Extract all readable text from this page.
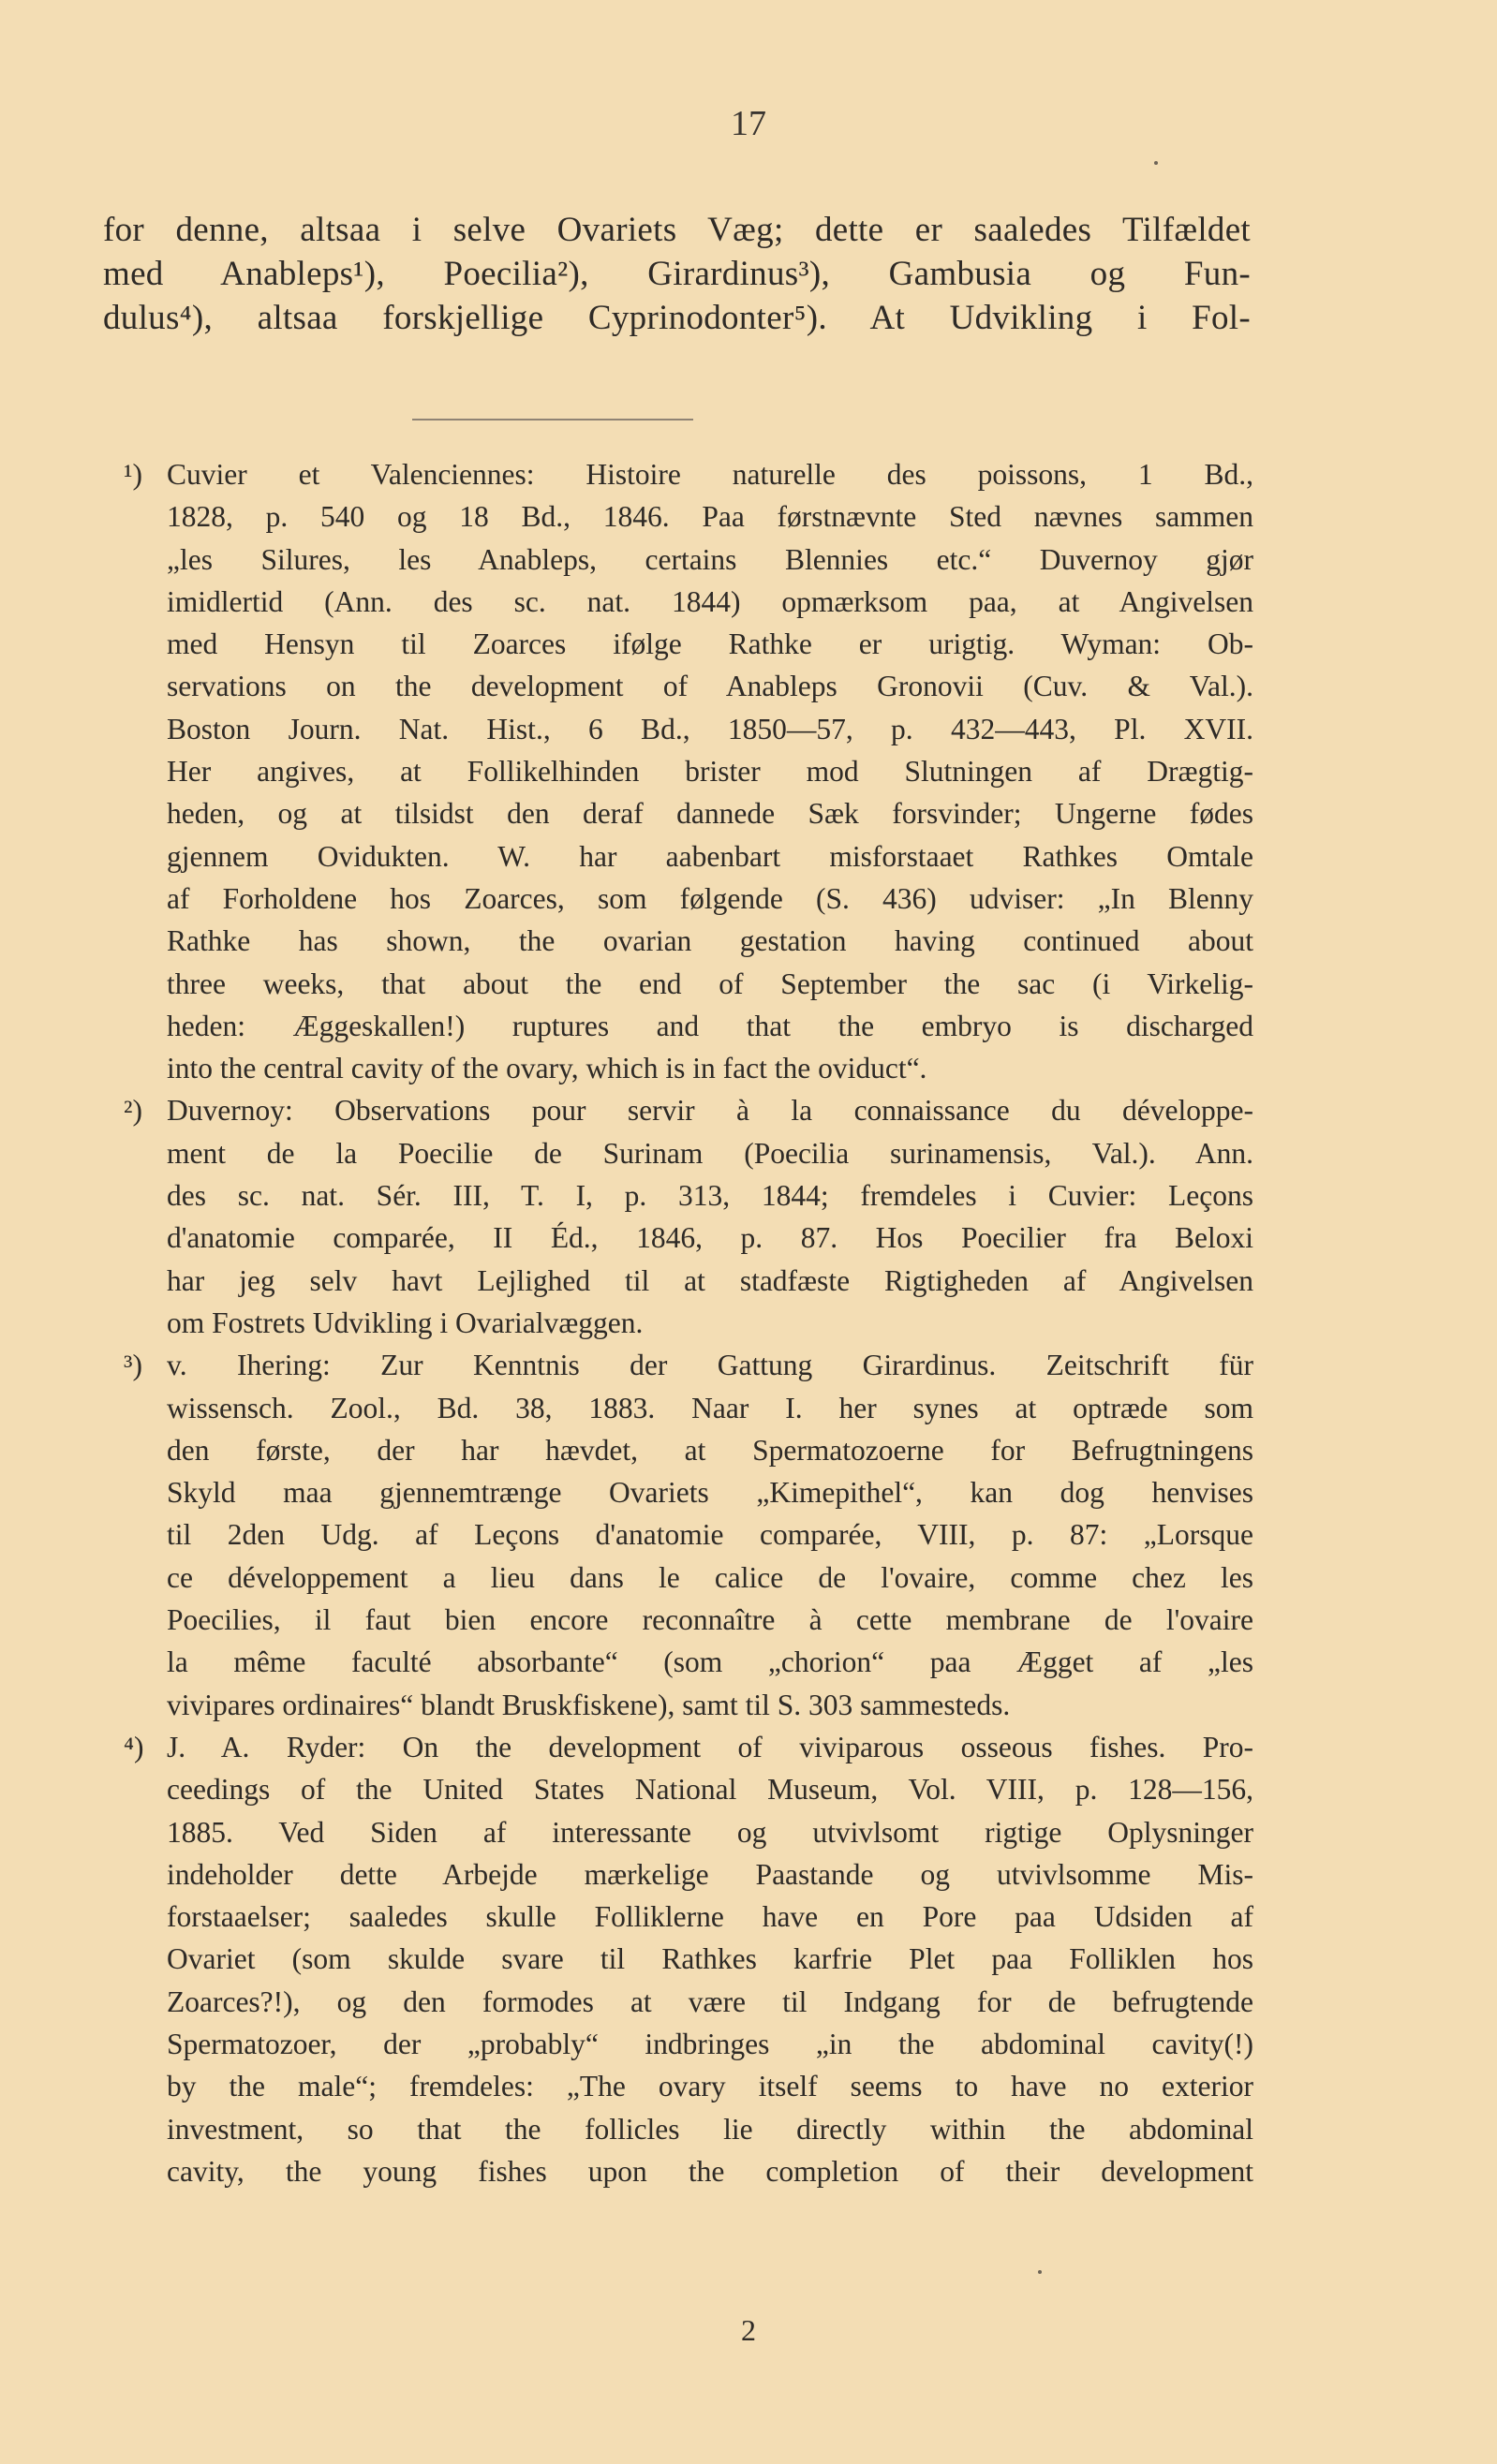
17
for denne, altsaa i selve Ovariets Væg; dette er saaledes Tilfældet
med Anableps¹), Poecilia²), Girardinus³), Gambusia og Fun-
dulus⁴), altsaa forskjellige Cyprinodonter⁵). At Udvikling i Fol-
¹) Cuvier et Valenciennes: Histoire naturelle des poissons, 1 Bd.,
1828, p. 540 og 18 Bd., 1846. Paa førstnævnte Sted nævnes sammen
„les Silures, les Anableps, certains Blennies etc.“ Duvernoy gjør
imidlertid (Ann. des sc. nat. 1844) opmærksom paa, at Angivelsen
med Hensyn til Zoarces ifølge Rathke er urigtig. Wyman: Ob-
servations on the development of Anableps Gronovii (Cuv. & Val.).
Boston Journ. Nat. Hist., 6 Bd., 1850—57, p. 432—443, Pl. XVII.
Her angives, at Follikelhinden brister mod Slutningen af Drægtig-
heden, og at tilsidst den deraf dannede Sæk forsvinder; Ungerne fødes
gjennem Ovidukten. W. har aabenbart misforstaaet Rathkes Omtale
af Forholdene hos Zoarces, som følgende (S. 436) udviser: „In Blenny
Rathke has shown, the ovarian gestation having continued about
three weeks, that about the end of September the sac (i Virkelig-
heden: Æggeskallen!) ruptures and that the embryo is discharged
into the central cavity of the ovary, which is in fact the oviduct“.
²) Duvernoy: Observations pour servir à la connaissance du développe-
ment de la Poecilie de Surinam (Poecilia surinamensis, Val.). Ann.
des sc. nat. Sér. III, T. I, p. 313, 1844; fremdeles i Cuvier: Leçons
d'anatomie comparée, II Éd., 1846, p. 87. Hos Poecilier fra Beloxi
har jeg selv havt Lejlighed til at stadfæste Rigtigheden af Angivelsen
om Fostrets Udvikling i Ovarialvæggen.
³) v. Ihering: Zur Kenntnis der Gattung Girardinus. Zeitschrift für
wissensch. Zool., Bd. 38, 1883. Naar I. her synes at optræde som
den første, der har hævdet, at Spermatozoerne for Befrugtningens
Skyld maa gjennemtrænge Ovariets „Kimepithel“, kan dog henvises
til 2den Udg. af Leçons d'anatomie comparée, VIII, p. 87: „Lorsque
ce développement a lieu dans le calice de l'ovaire, comme chez les
Poecilies, il faut bien encore reconnaître à cette membrane de l'ovaire
la même faculté absorbante“ (som „chorion“ paa Ægget af „les
vivipares ordinaires“ blandt Bruskfiskene), samt til S. 303 sammesteds.
⁴) J. A. Ryder: On the development of viviparous osseous fishes. Pro-
ceedings of the United States National Museum, Vol. VIII, p. 128—156,
1885. Ved Siden af interessante og utvivlsomt rigtige Oplysninger
indeholder dette Arbejde mærkelige Paastande og utvivlsomme Mis-
forstaaelser; saaledes skulle Folliklerne have en Pore paa Udsiden af
Ovariet (som skulde svare til Rathkes karfrie Plet paa Folliklen hos
Zoarces?!), og den formodes at være til Indgang for de befrugtende
Spermatozoer, der „probably“ indbringes „in the abdominal cavity(!)
by the male“; fremdeles: „The ovary itself seems to have no exterior
investment, so that the follicles lie directly within the abdominal
cavity, the young fishes upon the completion of their development
2
